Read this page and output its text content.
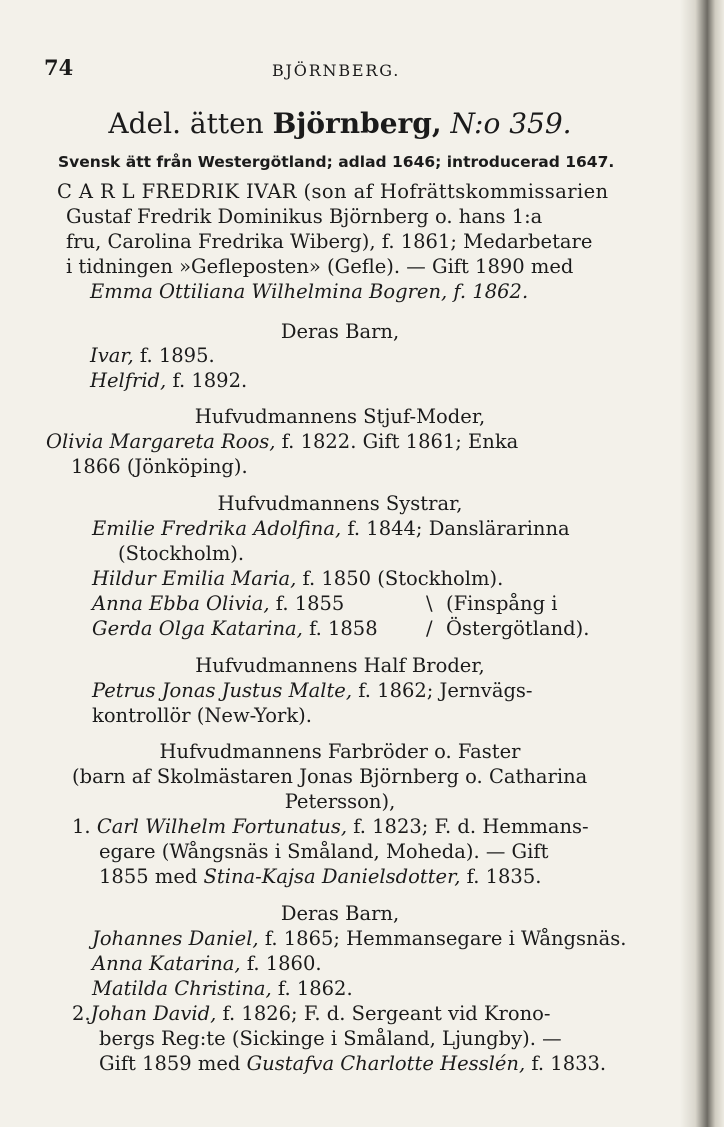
74	BJÖRNBERG.
Adel. ätten Björnberg, N:o 359.
Svensk ätt från Westergötland; adlad 1646; introducerad 1647.
C A R L FREDRIK IVAR (son af Hofrättskommissarien
Gustaf Fredrik Dominikus Björnberg o. hans 1:a
fru, Carolina Fredrika Wiberg), f. 1861; Medarbetare
i tidningen »Gefleposten» (Gefle). — Gift 1890 med
Emma Ottiliana Wilhelmina Bogren, f. 1862.
Deras Barn,
Ivar, f. 1895.
Helfrid, f. 1892.
Hufvudmannens Stjuf-Moder,
Olivia Margareta Roos, f. 1822. Gift 1861; Enka
1866 (Jönköping).
Hufvudmannens Systrar,
Emilie Fredrika Adolfina, f. 1844; Danslärarinna
(Stockholm).
Hildur Emilia Maria, f. 1850 (Stockholm).
Anna Ebba Olivia, f. 1855	(Finspång i
Gerda Olga Katarina, f. 1858	Östergötland).
\
/
Hufvudmannens Half Broder,
Petrus Jonas Justus Malte, f. 1862; Jernvägs-
kontrollör (New-York).
Hufvudmannens Farbröder o. Faster
(barn af Skolmästaren Jonas Björnberg o. Catharina
Petersson),
1. Carl Wilhelm Fortunatus, f. 1823; F. d. Hemmans-
egare (Wångsnäs i Småland, Moheda). — Gift
1855 med Stina-Kajsa Danielsdotter, f. 1835.
Deras Barn,
Johannes Daniel, f. 1865; Hemmansegare i Wångsnäs.
Anna Katarina, f. 1860.
Matilda Christina, f. 1862.
2.Johan David, f. 1826; F. d. Sergeant vid Krono-
bergs Reg:te (Sickinge i Småland, Ljungby). —
Gift 1859 med Gustafva Charlotte Hesslén, f. 1833.
